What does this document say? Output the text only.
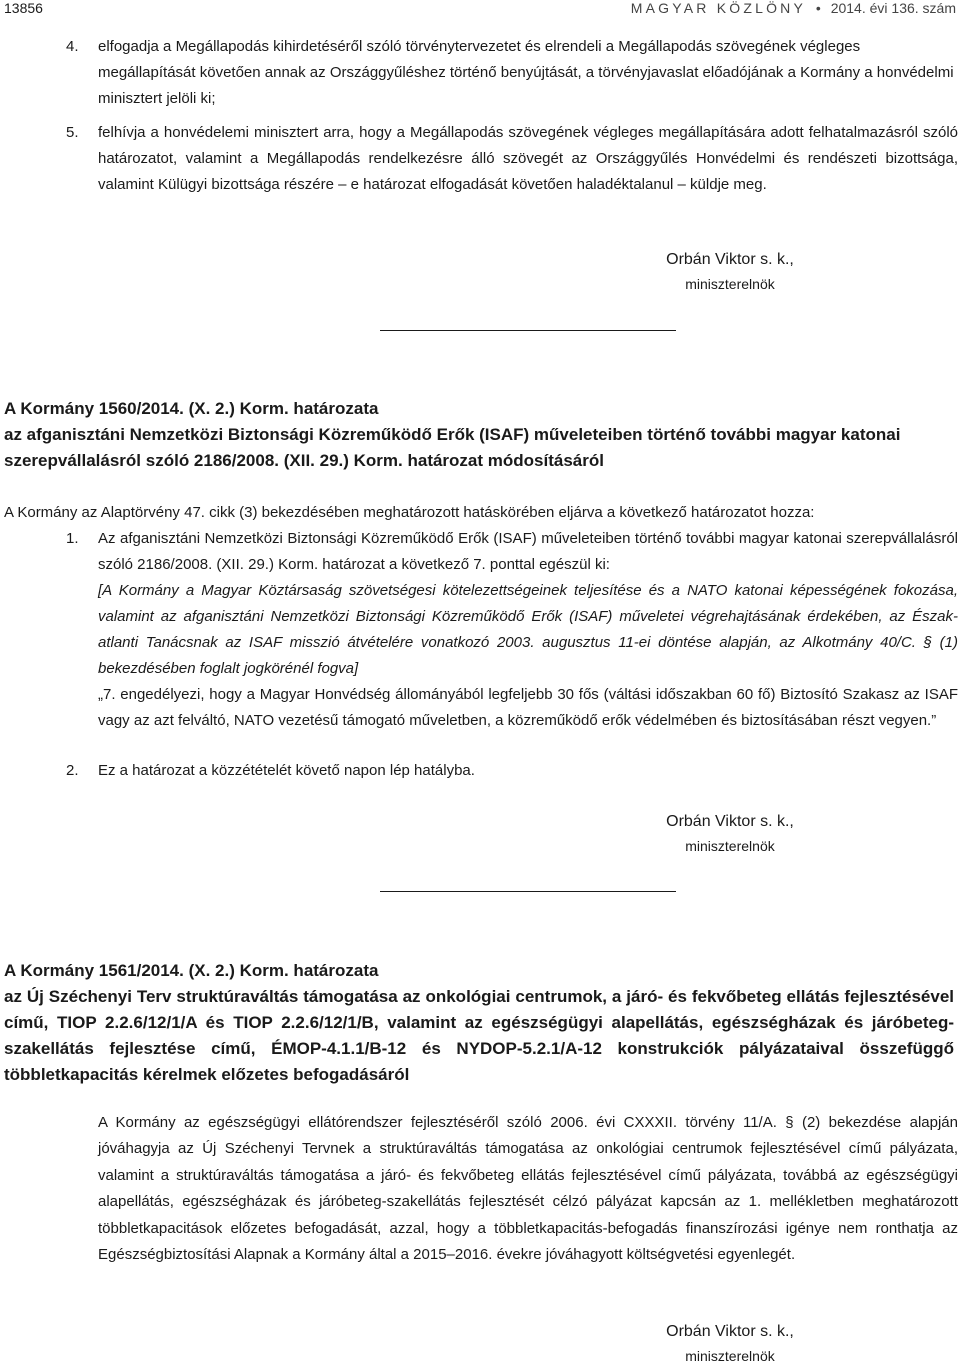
13856	MAGYAR KÖZLÖNY • 2014. évi 136. szám
4.	elfogadja a Megállapodás kihirdetéséről szóló törvénytervezetet és elrendeli a Megállapodás szövegének végleges megállapítását követően annak az Országgyűléshez történő benyújtását, a törvényjavaslat előadójának a Kormány a honvédelmi minisztert jelöli ki;
5.	felhívja a honvédelemi minisztert arra, hogy a Megállapodás szövegének végleges megállapítására adott felhatalmazásról szóló határozatot, valamint a Megállapodás rendelkezésre álló szövegét az Országgyűlés Honvédelmi és rendészeti bizottsága, valamint Külügyi bizottsága részére – e határozat elfogadását követően haladéktalanul – küldje meg.
Orbán Viktor s. k.,
miniszterelnök
A Kormány 1560/2014. (X. 2.) Korm. határozata
az afganisztáni Nemzetközi Biztonsági Közreműködő Erők (ISAF) műveleteiben történő további magyar katonai szerepvállalásról szóló 2186/2008. (XII. 29.) Korm. határozat módosításáról
A Kormány az Alaptörvény 47. cikk (3) bekezdésében meghatározott hatáskörében eljárva a következő határozatot hozza:
1.	Az afganisztáni Nemzetközi Biztonsági Közreműködő Erők (ISAF) műveleteiben történő további magyar katonai szerepvállalásról szóló 2186/2008. (XII. 29.) Korm. határozat a következő 7. ponttal egészül ki:
[A Kormány a Magyar Köztársaság szövetségesi kötelezettségeinek teljesítése és a NATO katonai képességének fokozása, valamint az afganisztáni Nemzetközi Biztonsági Közreműködő Erők (ISAF) műveletei végrehajtásának érdekében, az Észak-atlanti Tanácsnak az ISAF misszió átvételére vonatkozó 2003. augusztus 11-ei döntése alapján, az Alkotmány 40/C. § (1) bekezdésében foglalt jogkörénél fogva]
„7. engedélyezi, hogy a Magyar Honvédség állományából legfeljebb 30 fős (váltási időszakban 60 fő) Biztosító Szakasz az ISAF vagy az azt felváltó, NATO vezetésű támogató műveletben, a közreműködő erők védelmében és biztosításában részt vegyen.”
2.	Ez a határozat a közzétételét követő napon lép hatályba.
Orbán Viktor s. k.,
miniszterelnök
A Kormány 1561/2014. (X. 2.) Korm. határozata
az Új Széchenyi Terv struktúraváltás támogatása az onkológiai centrumok, a járó- és fekvőbeteg ellátás fejlesztésével című, TIOP 2.2.6/12/1/A és TIOP 2.2.6/12/1/B, valamint az egészségügyi alapellátás, egészségházak és járóbeteg-szakellátás fejlesztése című, ÉMOP-4.1.1/B-12 és NYDOP-5.2.1/A-12 konstrukciók pályázataival összefüggő többletkapacitás kérelmek előzetes befogadásáról
A Kormány az egészségügyi ellátórendszer fejlesztéséről szóló 2006. évi CXXXII. törvény 11/A. § (2) bekezdése alapján jóváhagyja az Új Széchenyi Tervnek a struktúraváltás támogatása az onkológiai centrumok fejlesztésével című pályázata, valamint a struktúraváltás támogatása a járó- és fekvőbeteg ellátás fejlesztésével című pályázata, továbbá az egészségügyi alapellátás, egészségházak és járóbeteg-szakellátás fejlesztését célzó pályázat kapcsán az 1. mellékletben meghatározott többletkapacitások előzetes befogadását, azzal, hogy a többletkapacitás-befogadás finanszírozási igénye nem ronthatja az Egészségbiztosítási Alapnak a Kormány által a 2015–2016. évekre jóváhagyott költségvetési egyenlegét.
Orbán Viktor s. k.,
miniszterelnök
